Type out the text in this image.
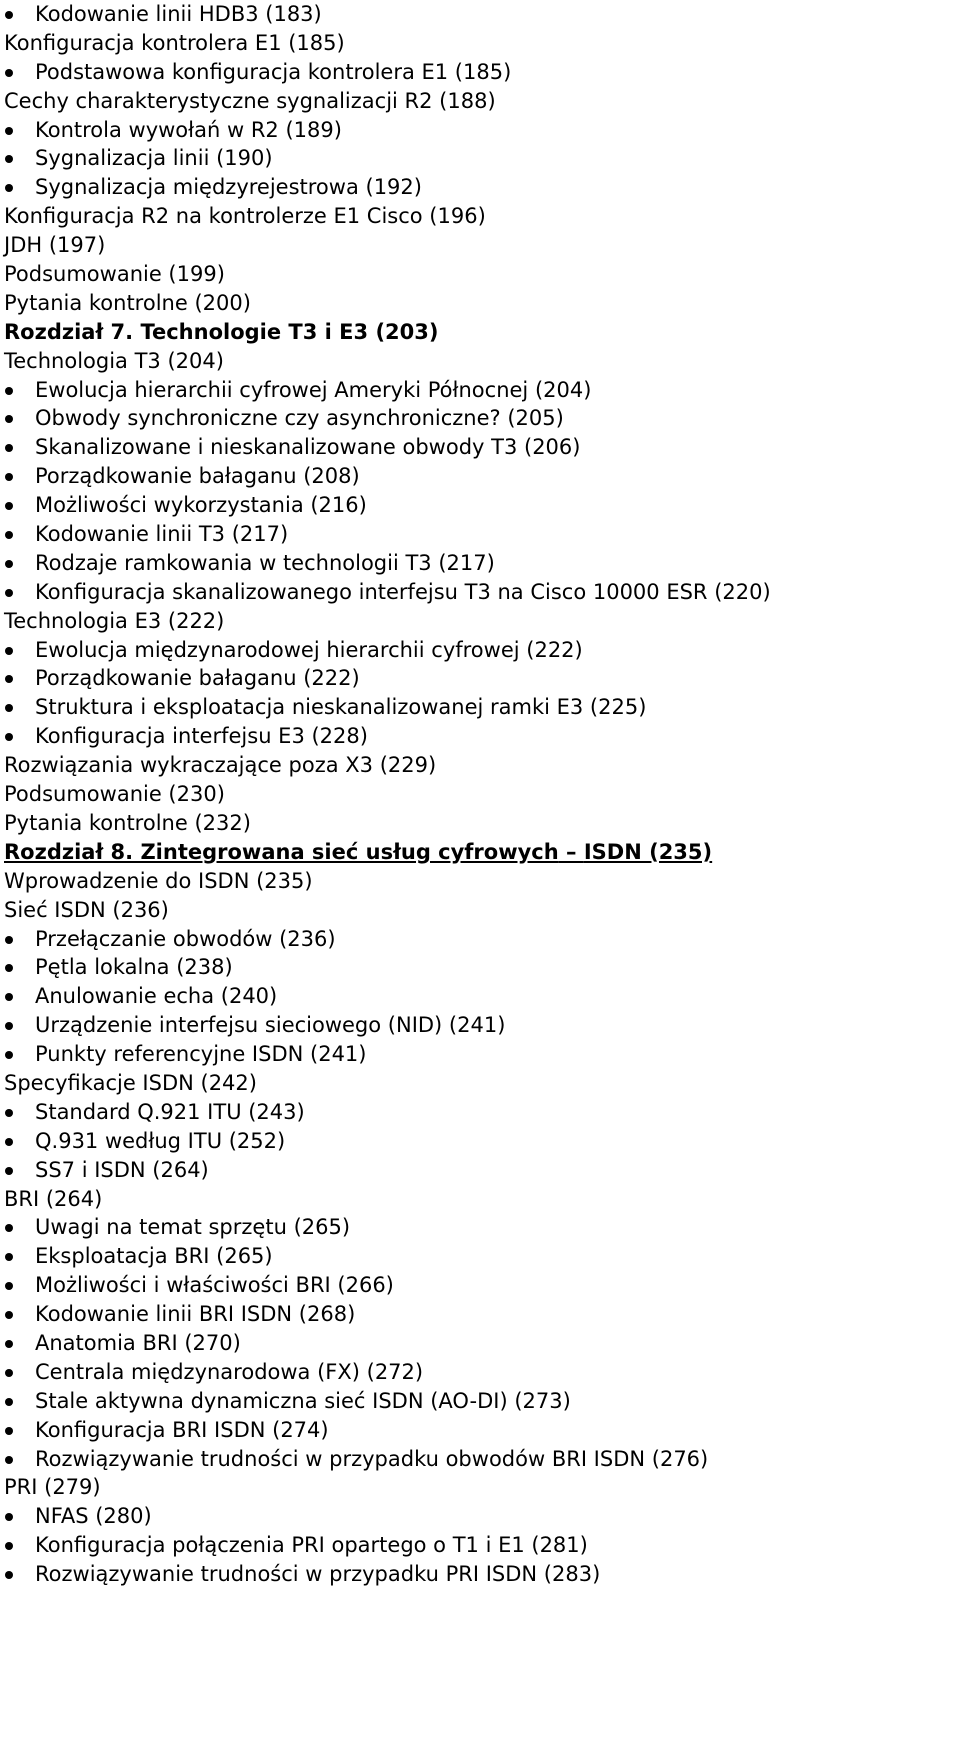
Kodowanie linii HDB3 (183)
Konfiguracja kontrolera E1 (185)
Podstawowa konfiguracja kontrolera E1 (185)
Cechy charakterystyczne sygnalizacji R2 (188)
Kontrola wywołań w R2 (189)
Sygnalizacja linii (190)
Sygnalizacja międzyrejestrowa (192)
Konfiguracja R2 na kontrolerze E1 Cisco (196)
JDH (197)
Podsumowanie (199)
Pytania kontrolne (200)
Rozdział 7. Technologie T3 i E3 (203)
Technologia T3 (204)
Ewolucja hierarchii cyfrowej Ameryki Północnej (204)
Obwody synchroniczne czy asynchroniczne? (205)
Skanalizowane i nieskanalizowane obwody T3 (206)
Porządkowanie bałaganu (208)
Możliwości wykorzystania (216)
Kodowanie linii T3 (217)
Rodzaje ramkowania w technologii T3 (217)
Konfiguracja skanalizowanego interfejsu T3 na Cisco 10000 ESR (220)
Technologia E3 (222)
Ewolucja międzynarodowej hierarchii cyfrowej (222)
Porządkowanie bałaganu (222)
Struktura i eksploatacja nieskanalizowanej ramki E3 (225)
Konfiguracja interfejsu E3 (228)
Rozwiązania wykraczające poza X3 (229)
Podsumowanie (230)
Pytania kontrolne (232)
Rozdział 8. Zintegrowana sieć usług cyfrowych – ISDN (235)
Wprowadzenie do ISDN (235)
Sieć ISDN (236)
Przełączanie obwodów (236)
Pętla lokalna (238)
Anulowanie echa (240)
Urządzenie interfejsu sieciowego (NID) (241)
Punkty referencyjne ISDN (241)
Specyfikacje ISDN (242)
Standard Q.921 ITU (243)
Q.931 według ITU (252)
SS7 i ISDN (264)
BRI (264)
Uwagi na temat sprzętu (265)
Eksploatacja BRI (265)
Możliwości i właściwości BRI (266)
Kodowanie linii BRI ISDN (268)
Anatomia BRI (270)
Centrala międzynarodowa (FX) (272)
Stale aktywna dynamiczna sieć ISDN (AO-DI) (273)
Konfiguracja BRI ISDN (274)
Rozwiązywanie trudności w przypadku obwodów BRI ISDN (276)
PRI (279)
NFAS (280)
Konfiguracja połączenia PRI opartego o T1 i E1 (281)
Rozwiązywanie trudności w przypadku PRI ISDN (283)
